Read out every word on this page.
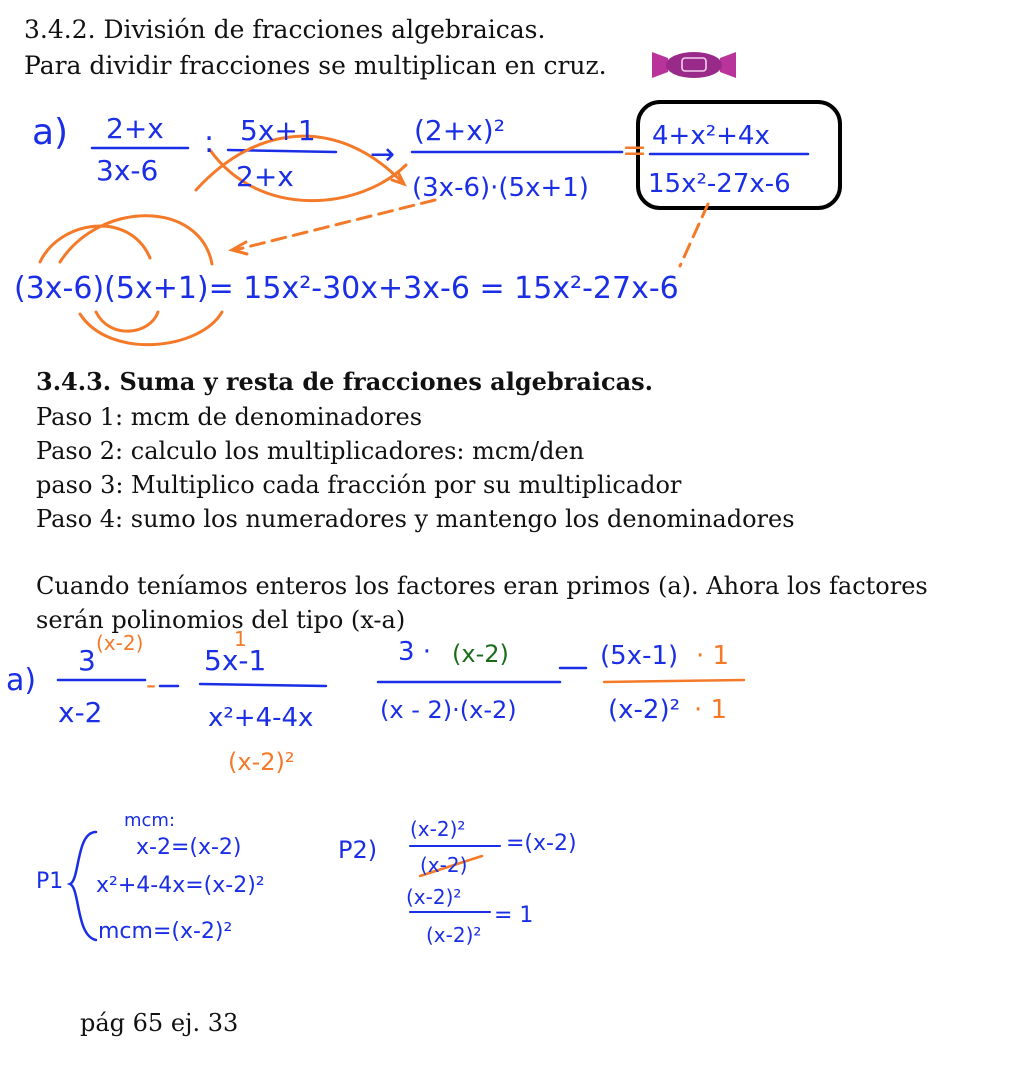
3.4.2. División de fracciones algebraicas.
Para dividir fracciones se multiplican en cruz.
3.4.3. Suma y resta de fracciones algebraicas.
Paso 1: mcm de denominadores
Paso 2: calculo los multiplicadores: mcm/den
paso 3: Multiplico cada fracción por su multiplicador
Paso 4: sumo los numeradores y mantengo los denominadores
Cuando teníamos enteros los factores eran primos (a). Ahora los factores
serán polinomios del tipo (x-a)
pág 65 ej. 33
a) 2+x
3x-6
: 5x+1
2+x
→
(2+x)²
(3x-6)·(5x+1)
4+x²+4x
15x²-27x-6
(3x-6)(5x+1)= 15x²-30x+3x-6 = 15x²-27x-6
a)
3
x-2
5x-1
x²+4-4x
3 ·
(x - 2)·(x-2)
(5x-1)
(x-2)²
P1
mcm:
x-2=(x-2)
x²+4-4x=(x-2)²
mcm=(x-2)²
P2)
(x-2)²
(x-2)
=(x-2)
(x-2)²
(x-2)²
= 1
=
(x-2)
-
1
(x-2)²
· 1
· 1
(x-2)
